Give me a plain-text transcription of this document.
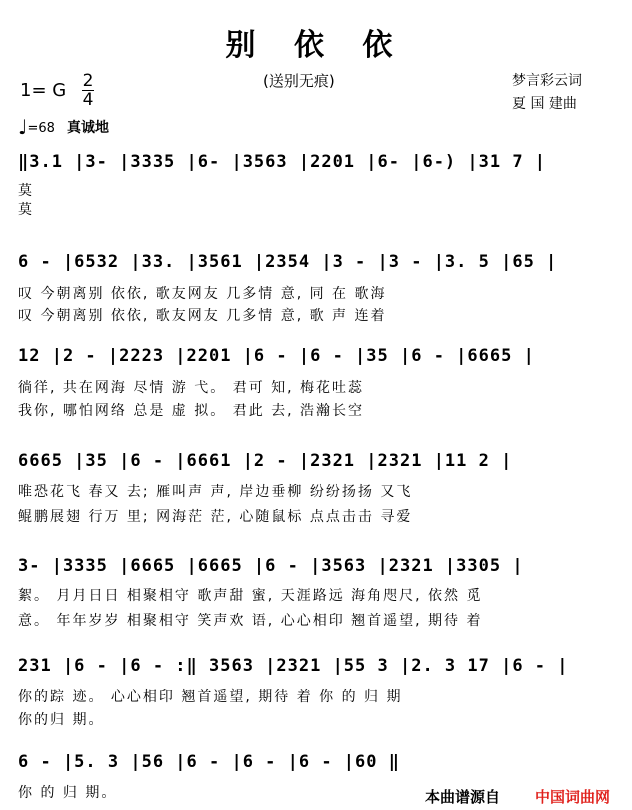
别 依 依
(送别无痕)	梦言彩云词
夏 国 建曲
1= G 2
4
♩=68 真诚地
‖3.1 |3- |3335 |6- |3563 |2201 |6- |6-) |31 7 |
莫
莫
6 - |6532 |33. |3561 |2354 |3 - |3 - |3. 5 |65 |
叹 今朝离别 依依, 歌友网友 几多情 意, 同 在 歌海
叹 今朝离别 依依, 歌友网友 几多情 意, 歌 声 连着
12 |2 - |2223 |2201 |6 - |6 - |35 |6 - |6665 |
徜徉, 共在网海 尽情 游 弋。 君可 知, 梅花吐蕊
我你, 哪怕网络 总是 虚 拟。 君此 去, 浩瀚长空
6665 |35 |6 - |6661 |2 - |2321 |2321 |11 2 |
唯恐花飞 春又 去; 雁叫声 声, 岸边垂柳 纷纷扬扬 又飞
鲲鹏展翅 行万 里; 网海茫 茫, 心随鼠标 点点击击 寻爱
3- |3335 |6665 |6665 |6 - |3563 |2321 |3305 |
絮。 月月日日 相聚相守 歌声甜 蜜, 天涯路远 海角咫尺, 依然 觅
意。 年年岁岁 相聚相守 笑声欢 语, 心心相印 翘首遥望, 期待 着
231 |6 - |6 - :‖ 3563 |2321 |55 3 |2. 3 17 |6 - |
你的踪 迹。 心心相印 翘首遥望, 期待 着 你 的 归 期
你的归 期。
6 - |5. 3 |56 |6 - |6 - |6 - |60 ‖
你 的 归 期。	本曲谱源自 中国词曲网
